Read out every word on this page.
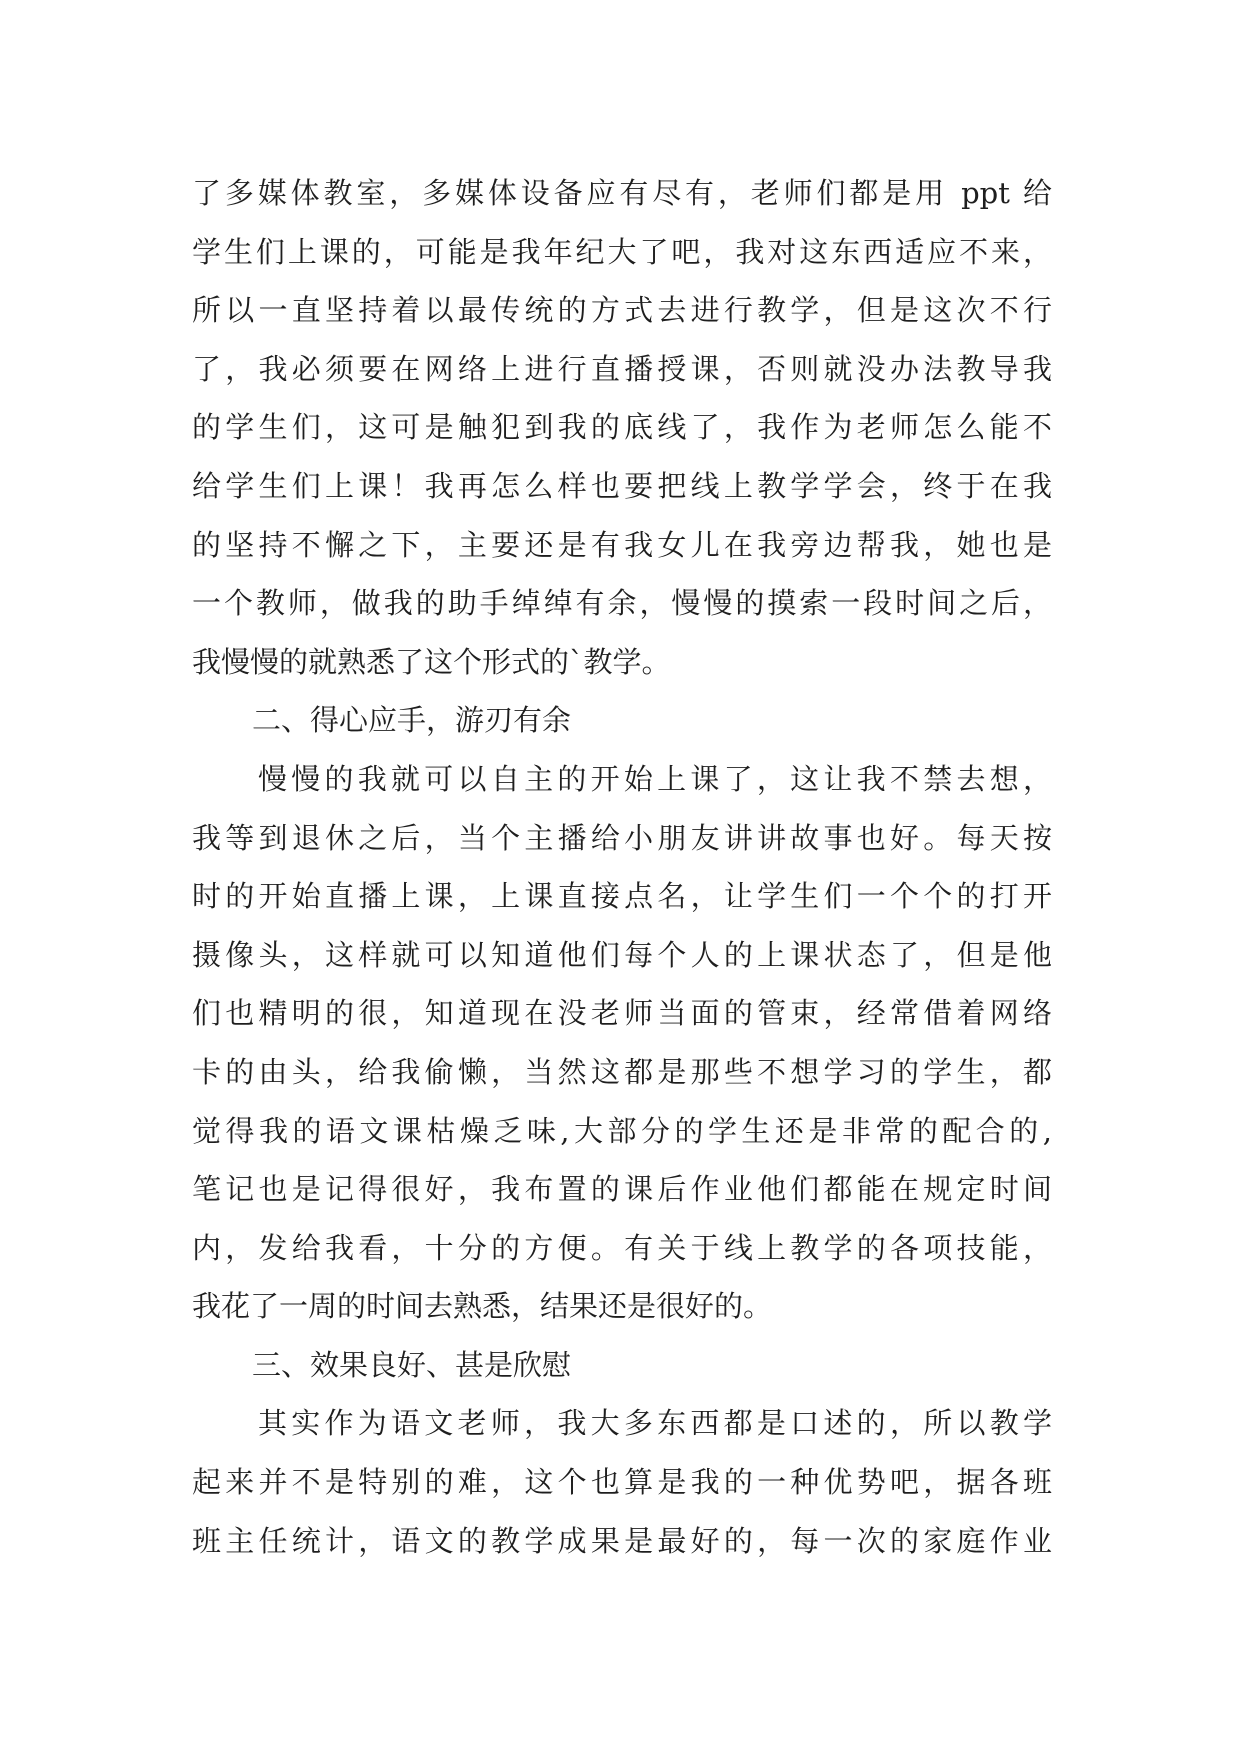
了多媒体教室，多媒体设备应有尽有，老师们都是用 ppt 给
学生们上课的，可能是我年纪大了吧，我对这东西适应不来，
所以一直坚持着以最传统的方式去进行教学，但是这次不行
了，我必须要在网络上进行直播授课，否则就没办法教导我
的学生们，这可是触犯到我的底线了，我作为老师怎么能不
给学生们上课！我再怎么样也要把线上教学学会，终于在我
的坚持不懈之下，主要还是有我女儿在我旁边帮我，她也是
一个教师，做我的助手绰绰有余，慢慢的摸索一段时间之后，
我慢慢的就熟悉了这个形式的`教学。
二、得心应手，游刃有余
慢慢的我就可以自主的开始上课了，这让我不禁去想，
我等到退休之后，当个主播给小朋友讲讲故事也好。每天按
时的开始直播上课，上课直接点名，让学生们一个个的打开
摄像头，这样就可以知道他们每个人的上课状态了，但是他
们也精明的很，知道现在没老师当面的管束，经常借着网络
卡的由头，给我偷懒，当然这都是那些不想学习的学生，都
觉得我的语文课枯燥乏味,大部分的学生还是非常的配合的,
笔记也是记得很好，我布置的课后作业他们都能在规定时间
内，发给我看，十分的方便。有关于线上教学的各项技能，
我花了一周的时间去熟悉，结果还是很好的。
三、效果良好、甚是欣慰
其实作为语文老师，我大多东西都是口述的，所以教学
起来并不是特别的难，这个也算是我的一种优势吧，据各班
班主任统计，语文的教学成果是最好的，每一次的家庭作业
